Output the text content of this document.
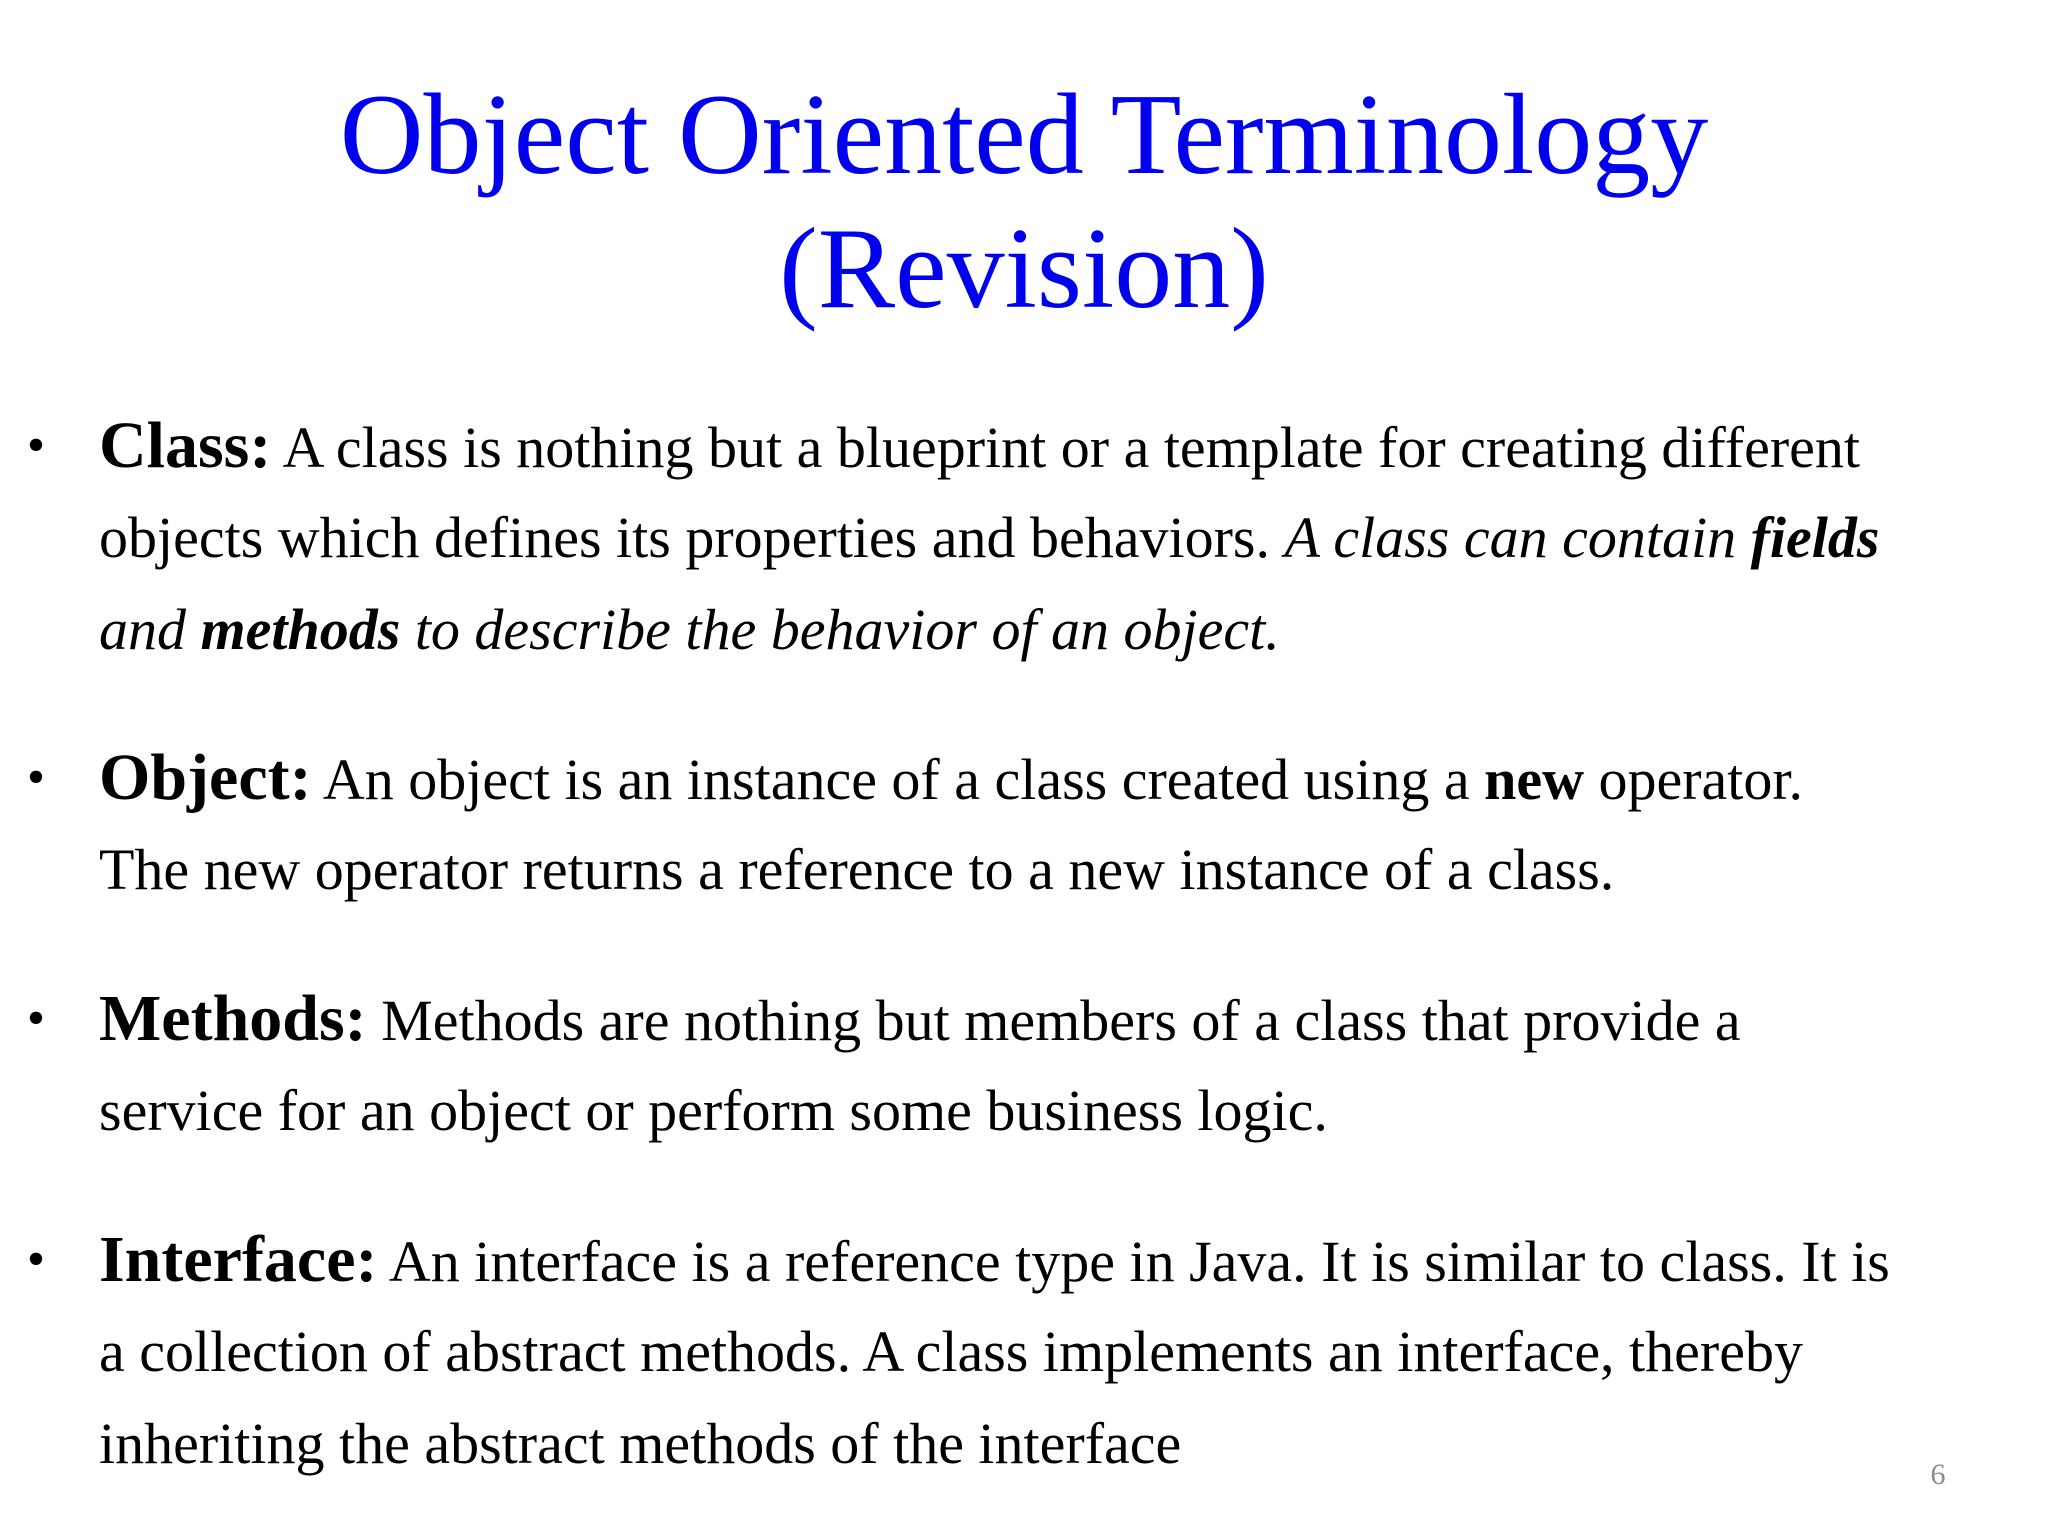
Object Oriented Terminology
(Revision)
• Class: A class is nothing but a blueprint or a template for creating different
objects which defines its properties and behaviors. A class can contain fields
and methods to describe the behavior of an object.
• Object: An object is an instance of a class created using a new operator.
The new operator returns a reference to a new instance of a class.
• Methods: Methods are nothing but members of a class that provide a
service for an object or perform some business logic.
• Interface: An interface is a reference type in Java. It is similar to class. It is
a collection of abstract methods. A class implements an interface, thereby
inheriting the abstract methods of the interface	6
